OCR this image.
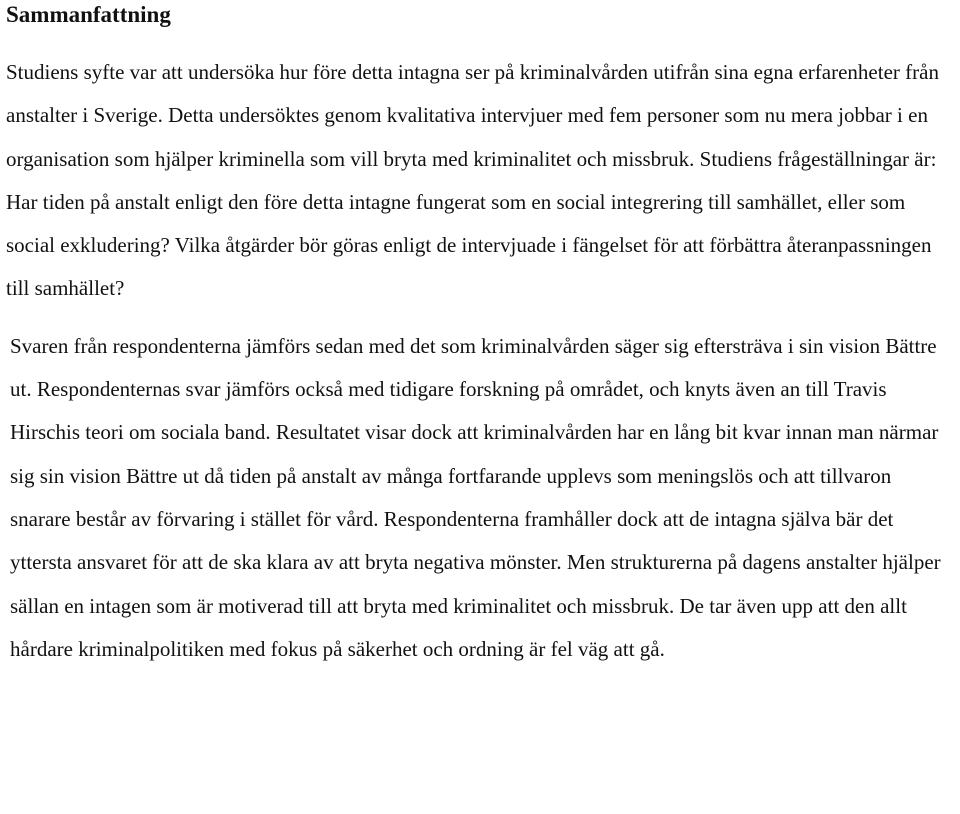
Sammanfattning

Studiens syfte var att undersöka hur före detta intagna ser på kriminalvården utifrån sina egna erfarenheter från anstalter i Sverige. Detta undersöktes genom kvalitativa intervjuer med fem personer som nu mera jobbar i en organisation som hjälper kriminella som vill bryta med kriminalitet och missbruk. Studiens frågeställningar är: Har tiden på anstalt enligt den före detta intagne fungerat som en social integrering till samhället, eller som social exkludering? Vilka åtgärder bör göras enligt de intervjuade i fängelset för att förbättra återanpassningen till samhället?

Svaren från respondenterna jämförs sedan med det som kriminalvården säger sig eftersträva i sin vision Bättre ut. Respondenternas svar jämförs också med tidigare forskning på området, och knyts även an till Travis Hirschis teori om sociala band. Resultatet visar dock att kriminalvården har en lång bit kvar innan man närmar sig sin vision Bättre ut då tiden på anstalt av många fortfarande upplevs som meningslös och att tillvaron snarare består av förvaring i stället för vård. Respondenterna framhåller dock att de intagna själva bär det yttersta ansvaret för att de ska klara av att bryta negativa mönster. Men strukturerna på dagens anstalter hjälper sällan en intagen som är motiverad till att bryta med kriminalitet och missbruk. De tar även upp att den allt hårdare kriminalpolitiken med fokus på säkerhet och ordning är fel väg att gå.
